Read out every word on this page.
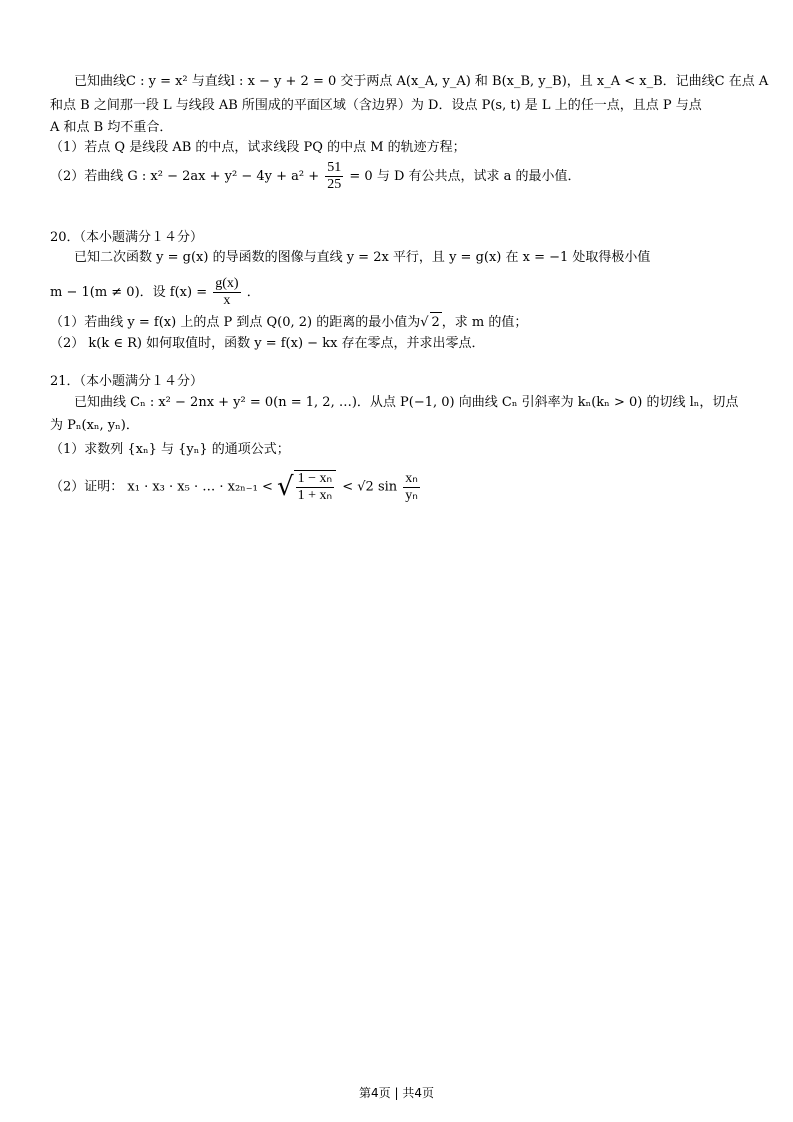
已知曲线C : y = x² 与直线l : x − y + 2 = 0 交于两点 A(x_A, y_A) 和 B(x_B, y_B)，且 x_A < x_B．记曲线C 在点 A
和点 B 之间那一段 L 与线段 AB 所围成的平面区域（含边界）为 D．设点 P(s, t) 是 L 上的任一点，且点 P 与点
A 和点 B 均不重合．
（1）若点 Q 是线段 AB 的中点，试求线段 PQ 的中点 M 的轨迹方程；
（2）若曲线 G : $x^2 - 2ax + y^2 - 4y + a^2 + \frac{51}{25} = 0$ 与 D 有公共点，试求 a 的最小值．
20．（本小题满分１４分）
已知二次函数 y = g(x) 的导函数的图像与直线 y = 2x 平行，且 y = g(x) 在 x = −1 处取得极小值
m − 1(m ≠ 0)．设 $f(x) = \frac{g(x)}{x}$ ．
（1）若曲线 y = f(x) 上的点 P 到点 Q(0, 2) 的距离的最小值为√ 2 ，求 m 的值；
（2） k(k ∈ R) 如何取值时，函数 y = f(x) − kx 存在零点，并求出零点．
21．（本小题满分１４分）
已知曲线 Cₙ : x² − 2nx + y² = 0(n = 1, 2, …)．从点 P(−1, 0) 向曲线 Cₙ 引斜率为 kₙ(kₙ > 0) 的切线 lₙ，切点
为 Pₙ(xₙ, yₙ)．
（1）求数列 {xₙ} 与 {yₙ} 的通项公式；
（2）证明： x₁ · x₃ · x₅ · … · x₂ₙ₋₁ < √ $\frac{\text{1 − xₙ}}{\text{1 + xₙ}} < √2$ $\sin \frac{\text{xₙ}}{\text{yₙ}}$
第4页 | 共4页
